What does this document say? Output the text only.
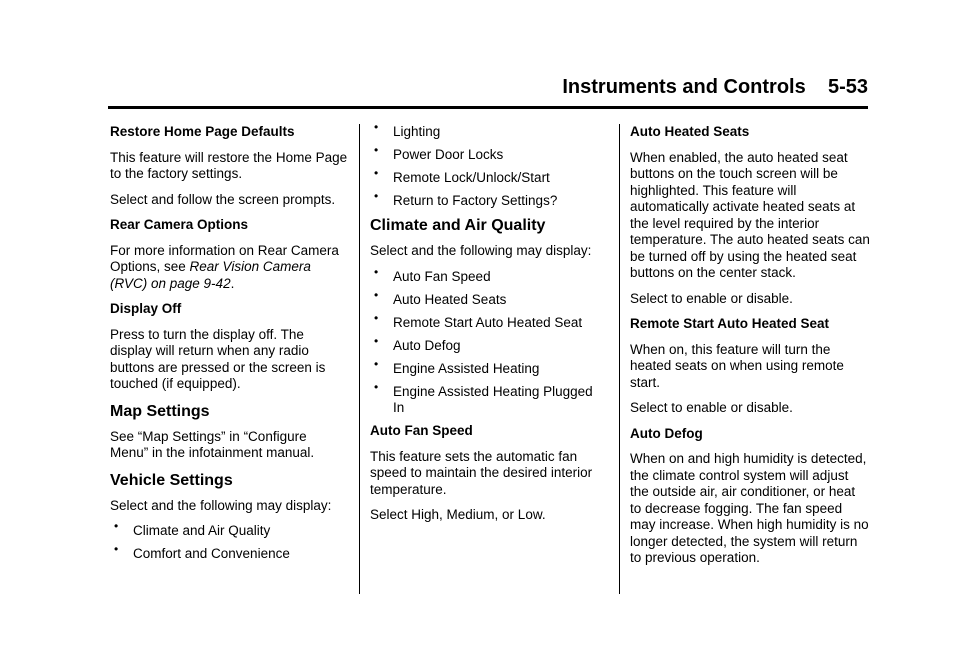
Instruments and Controls 5-53
Restore Home Page Defaults
This feature will restore the Home Page to the factory settings.
Select and follow the screen prompts.
Rear Camera Options
For more information on Rear Camera Options, see Rear Vision Camera (RVC) on page 9-42.
Display Off
Press to turn the display off. The display will return when any radio buttons are pressed or the screen is touched (if equipped).
Map Settings
See “Map Settings” in “Configure Menu” in the infotainment manual.
Vehicle Settings
Select and the following may display:
• Climate and Air Quality
• Comfort and Convenience
• Lighting
• Power Door Locks
• Remote Lock/Unlock/Start
• Return to Factory Settings?
Climate and Air Quality
Select and the following may display:
• Auto Fan Speed
• Auto Heated Seats
• Remote Start Auto Heated Seat
• Auto Defog
• Engine Assisted Heating
• Engine Assisted Heating Plugged In
Auto Fan Speed
This feature sets the automatic fan speed to maintain the desired interior temperature.
Select High, Medium, or Low.
Auto Heated Seats
When enabled, the auto heated seat buttons on the touch screen will be highlighted. This feature will automatically activate heated seats at the level required by the interior temperature. The auto heated seats can be turned off by using the heated seat buttons on the center stack.
Select to enable or disable.
Remote Start Auto Heated Seat
When on, this feature will turn the heated seats on when using remote start.
Select to enable or disable.
Auto Defog
When on and high humidity is detected, the climate control system will adjust the outside air, air conditioner, or heat to decrease fogging. The fan speed may increase. When high humidity is no longer detected, the system will return to previous operation.
